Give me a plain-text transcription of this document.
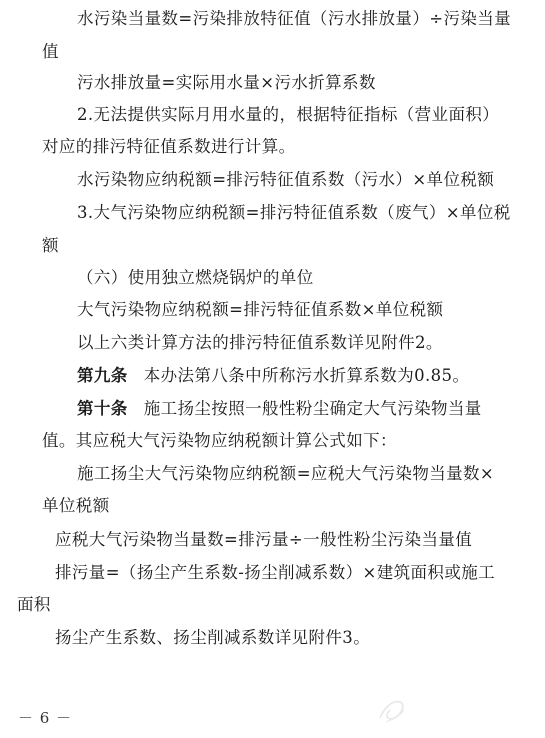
水污染当量数=污染排放特征值（污水排放量）÷污染当量
值
污水排放量=实际用水量×污水折算系数
2.无法提供实际月用水量的，根据特征指标（营业面积）
对应的排污特征值系数进行计算。
水污染物应纳税额=排污特征值系数（污水）×单位税额
3.大气污染物应纳税额=排污特征值系数（废气）×单位税
额
（六）使用独立燃烧锅炉的单位
大气污染物应纳税额=排污特征值系数×单位税额
以上六类计算方法的排污特征值系数详见附件2。
第九条 本办法第八条中所称污水折算系数为0.85。
第十条 施工扬尘按照一般性粉尘确定大气污染物当量
值。其应税大气污染物应纳税额计算公式如下：
施工扬尘大气污染物应纳税额=应税大气污染物当量数×
单位税额
应税大气污染物当量数=排污量÷一般性粉尘污染当量值
排污量=（扬尘产生系数-扬尘削减系数）×建筑面积或施工
面积
扬尘产生系数、扬尘削减系数详见附件3。
－ 6 －
